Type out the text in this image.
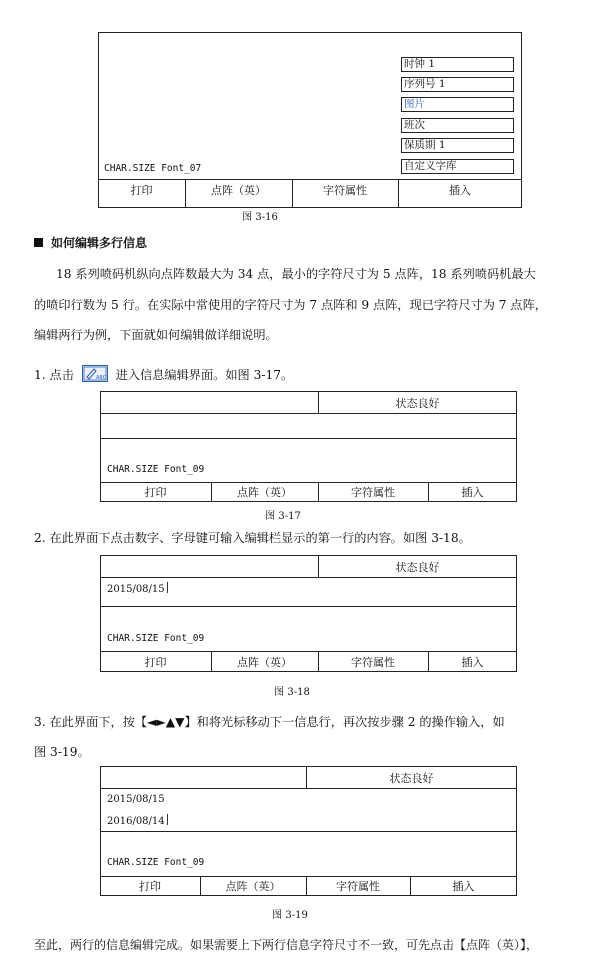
时钟 1
序列号 1
图片
班次
保质期 1
自定义字库
CHAR.SIZE Font_07
打印	点阵（英）	字符属性	插入
图 3-16
如何编辑多行信息
18 系列喷码机纵向点阵数最大为 34 点，最小的字符尺寸为 5 点阵，18 系列喷码机最大
的喷印行数为 5 行。在实际中常使用的字符尺寸为 7 点阵和 9 点阵，现已字符尺寸为 7 点阵，
编辑两行为例，下面就如何编辑做详细说明。
1. 点击	ABC 进入信息编辑界面。如图 3-17。
状态良好
CHAR.SIZE Font_09
打印	点阵（英）	字符属性	插入
图 3-17
2. 在此界面下点击数字、字母键可输入编辑栏显示的第一行的内容。如图 3-18。
状态良好
2015/08/15
CHAR.SIZE Font_09
打印	点阵（英）	字符属性	插入
图 3-18
3. 在此界面下，按【◄►▲▼】和将光标移动下一信息行，再次按步骤 2 的操作输入，如
图 3-19。
状态良好
2015/08/15
2016/08/14
CHAR.SIZE Font_09
打印	点阵（英）	字符属性	插入
图 3-19
至此，两行的信息编辑完成。如果需要上下两行信息字符尺寸不一致，可先点击【点阵（英）】，
